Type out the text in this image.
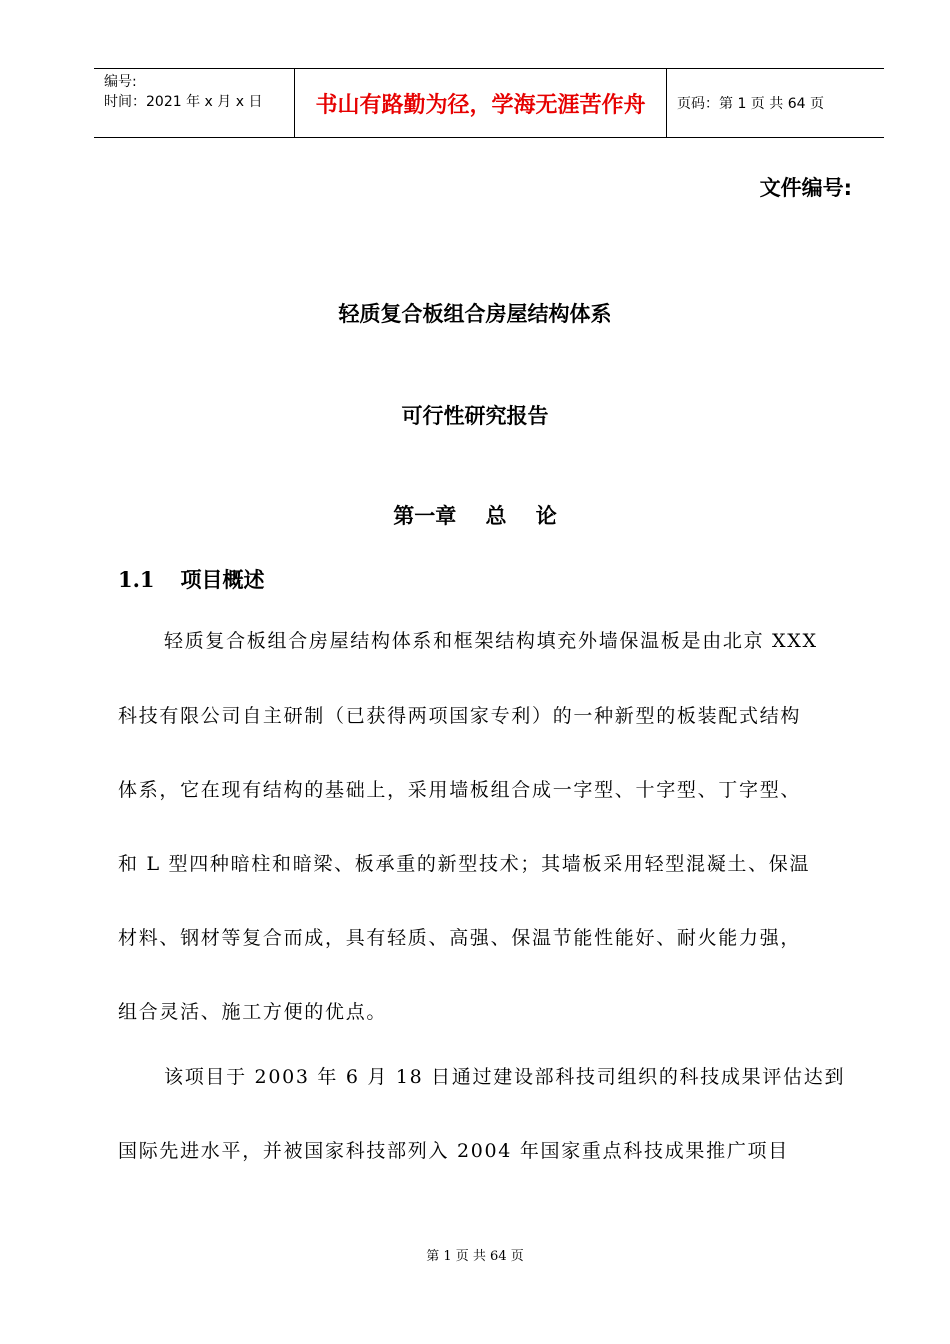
编号:
时间：2021 年 x 月 x 日	书山有路勤为径，学海无涯苦作舟	页码：第 1 页 共 64 页
文件编号:
轻质复合板组合房屋结构体系
可行性研究报告
第一章    总    论
1.1 项目概述
轻质复合板组合房屋结构体系和框架结构填充外墙保温板是由北京 XXX
科技有限公司自主研制（已获得两项国家专利）的一种新型的板装配式结构
体系，它在现有结构的基础上，采用墙板组合成一字型、十字型、丁字型、
和 L 型四种暗柱和暗梁、板承重的新型技术；其墙板采用轻型混凝土、保温
材料、钢材等复合而成，具有轻质、高强、保温节能性能好、耐火能力强，
组合灵活、施工方便的优点。
该项目于 2003 年 6 月 18 日通过建设部科技司组织的科技成果评估达到
国际先进水平，并被国家科技部列入 2004 年国家重点科技成果推广项目
第 1 页 共 64 页
